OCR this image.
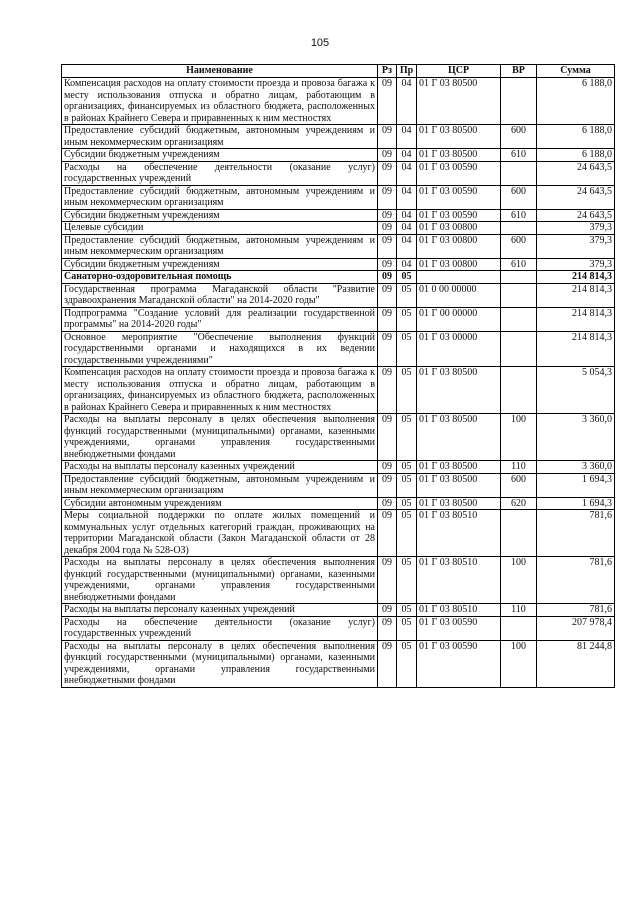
105
Наименование	Рз	Пр	ЦСР	ВР	Сумма
Компенсация расходов на оплату стоимости проезда и провоза багажа к месту использования отпуска и обратно лицам, работающим в организациях, финансируемых из областного бюджета, расположенных в районах Крайнего Севера и приравненных к ним местностях	09	04	01 Г 03 80500		6 188,0
Предоставление субсидий бюджетным, автономным учреждениям и иным некоммерческим организациям	09	04	01 Г 03 80500	600	6 188,0
Субсидии бюджетным учреждениям	09	04	01 Г 03 80500	610	6 188,0
Расходы на обеспечение деятельности (оказание услуг) государственных учреждений	09	04	01 Г 03 00590		24 643,5
Предоставление субсидий бюджетным, автономным учреждениям и иным некоммерческим организациям	09	04	01 Г 03 00590	600	24 643,5
Субсидии бюджетным учреждениям	09	04	01 Г 03 00590	610	24 643,5
Целевые субсидии	09	04	01 Г 03 00800		379,3
Предоставление субсидий бюджетным, автономным учреждениям и иным некоммерческим организациям	09	04	01 Г 03 00800	600	379,3
Субсидии бюджетным учреждениям	09	04	01 Г 03 00800	610	379,3
Санаторно-оздоровительная помощь	09	05			214 814,3
Государственная программа Магаданской области "Развитие здравоохранения Магаданской области" на 2014-2020 годы"	09	05	01 0 00 00000		214 814,3
Подпрограмма "Создание условий для реализации государственной программы" на 2014-2020 годы"	09	05	01 Г 00 00000		214 814,3
Основное мероприятие "Обеспечение выполнения функций государственными органами и находящихся в их ведении государственными учреждениями"	09	05	01 Г 03 00000		214 814,3
Компенсация расходов на оплату стоимости проезда и провоза багажа к месту использования отпуска и обратно лицам, работающим в организациях, финансируемых из областного бюджета, расположенных в районах Крайнего Севера и приравненных к ним местностях	09	05	01 Г 03 80500		5 054,3
Расходы на выплаты персоналу в целях обеспечения выполнения функций государственными (муниципальными) органами, казенными учреждениями, органами управления государственными внебюджетными фондами	09	05	01 Г 03 80500	100	3 360,0
Расходы на выплаты персоналу казенных учреждений	09	05	01 Г 03 80500	110	3 360,0
Предоставление субсидий бюджетным, автономным учреждениям и иным некоммерческим организациям	09	05	01 Г 03 80500	600	1 694,3
Субсидии автономным учреждениям	09	05	01 Г 03 80500	620	1 694,3
Меры социальной поддержки по оплате жилых помещений и коммунальных услуг отдельных категорий граждан, проживающих на территории Магаданской области (Закон Магаданской области от 28 декабря 2004 года № 528-ОЗ)	09	05	01 Г 03 80510		781,6
Расходы на выплаты персоналу в целях обеспечения выполнения функций государственными (муниципальными) органами, казенными учреждениями, органами управления государственными внебюджетными фондами	09	05	01 Г 03 80510	100	781,6
Расходы на выплаты персоналу казенных учреждений	09	05	01 Г 03 80510	110	781,6
Расходы на обеспечение деятельности (оказание услуг) государственных учреждений	09	05	01 Г 03 00590		207 978,4
Расходы на выплаты персоналу в целях обеспечения выполнения функций государственными (муниципальными) органами, казенными учреждениями, органами управления государственными внебюджетными фондами	09	05	01 Г 03 00590	100	81 244,8
